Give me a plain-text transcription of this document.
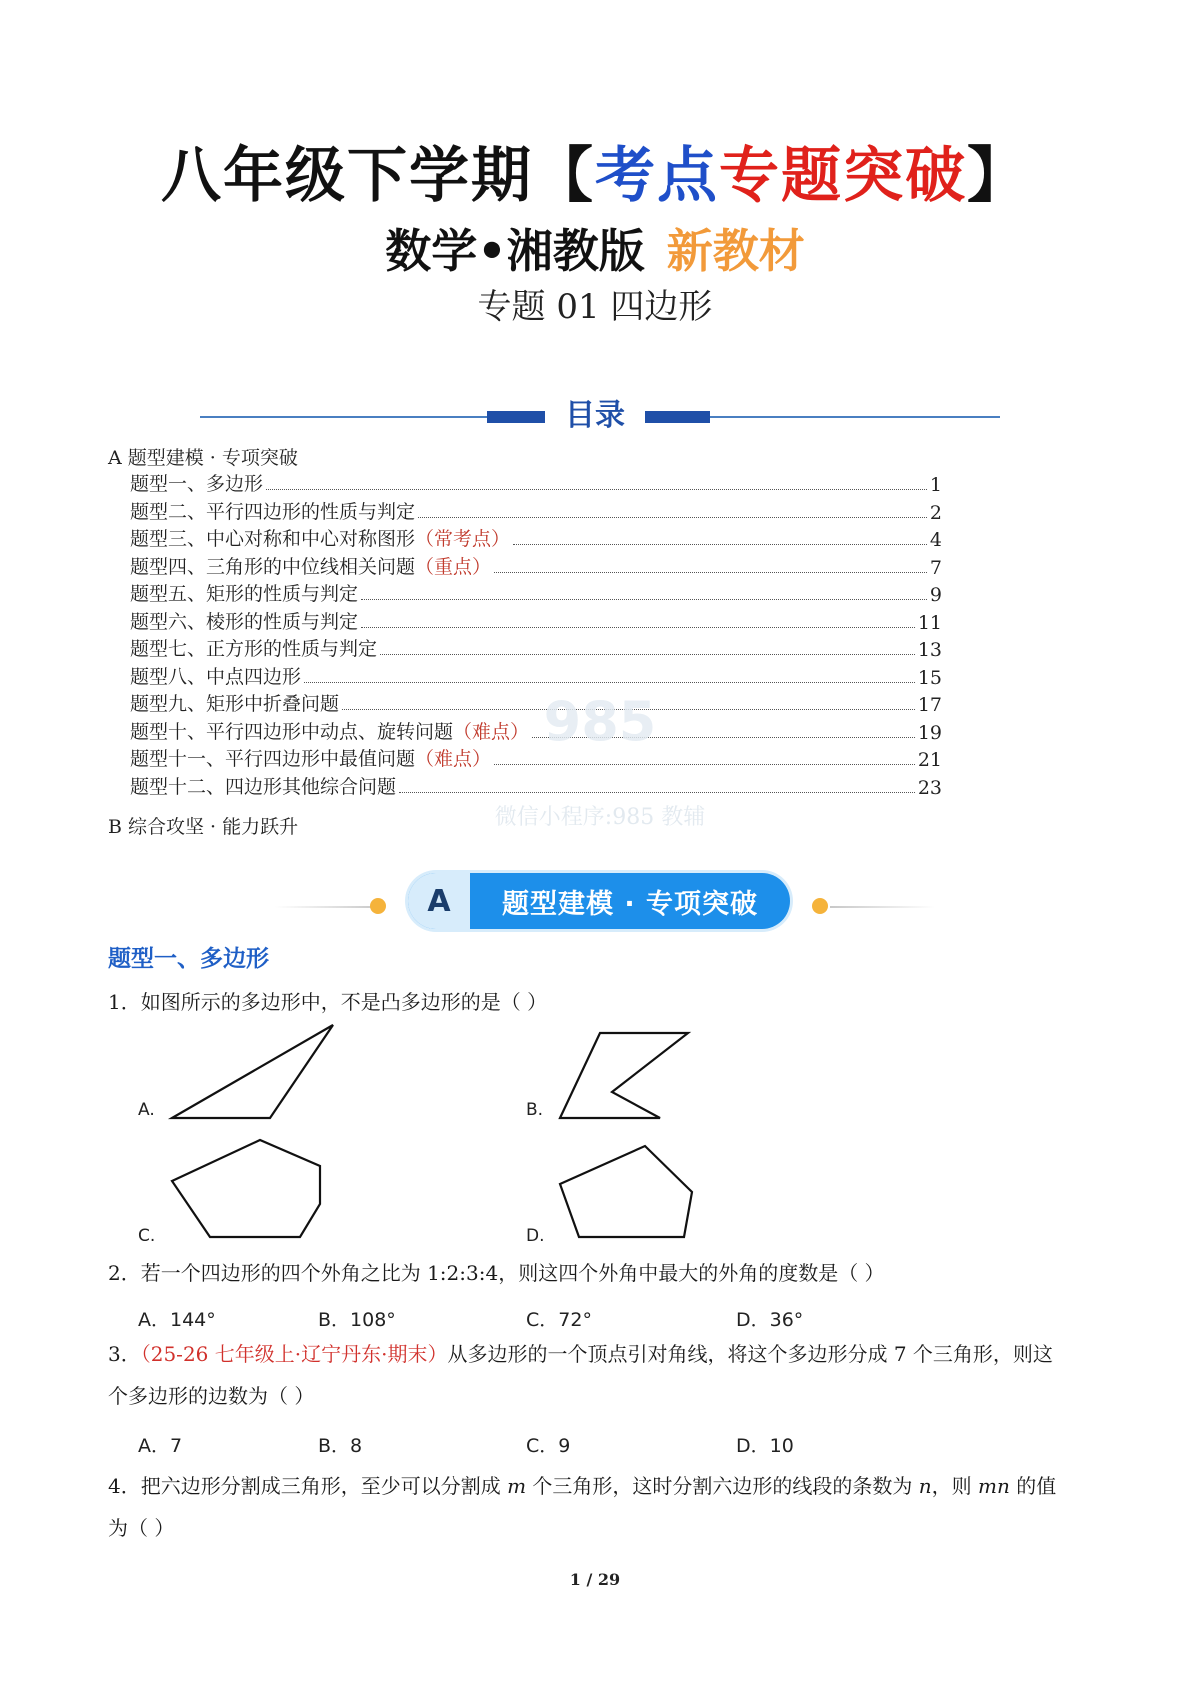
八年级下学期【考点专题突破】
数学•湘教版 新教材
专题 01 四边形
目录
A 题型建模 · 专项突破
题型一、多边形	1
题型二、平行四边形的性质与判定	2
题型三、中心对称和中心对称图形 （常考点）	4
题型四、三角形的中位线相关问题 （重点）	7
题型五、矩形的性质与判定	9
题型六、棱形的性质与判定	11
题型七、正方形的性质与判定	13
题型八、中点四边形	15
题型九、矩形中折叠问题	17
题型十、平行四边形中动点、旋转问题 （难点）	19
题型十一、平行四边形中最值问题 （难点）	21
题型十二、四边形其他综合问题	23
B 综合攻坚 · 能力跃升
985
微信小程序:985 教辅
A	题型建模 · 专项突破
题型一、多边形
1．如图所示的多边形中，不是凸多边形的是（ ）
A.	B.
C.	D.
2．若一个四边形的四个外角之比为 1:2:3:4，则这四个外角中最大的外角的度数是（ ）
A．144°	B．108°	C．72°	D．36°
3．（25-26 七年级上·辽宁丹东·期末）从多边形的一个顶点引对角线，将这个多边形分成 7 个三角形，则这
个多边形的边数为（ ）
A．7	B．8	C．9	D．10
4．把六边形分割成三角形，至少可以分割成 m 个三角形，这时分割六边形的线段的条数为 n，则 mn 的值
为（ ）
1 / 29
